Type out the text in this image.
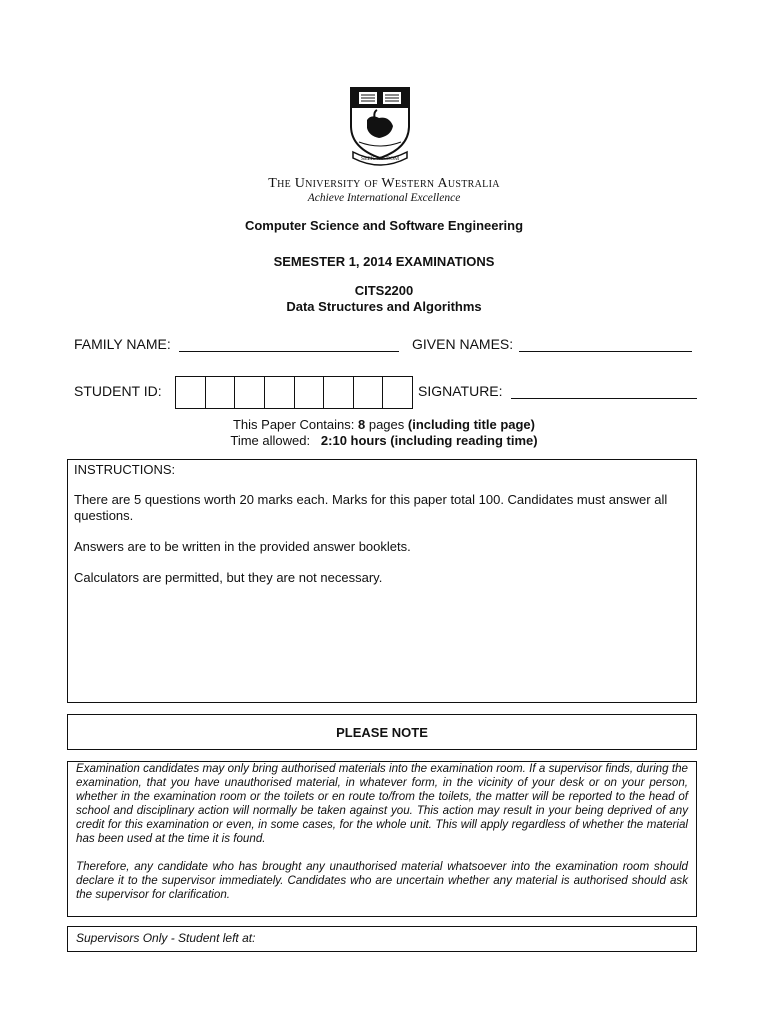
SEEK WISDOM
The University of Western Australia
Achieve International Excellence
Computer Science and Software Engineering
SEMESTER 1, 2014 EXAMINATIONS
CITS2200
Data Structures and Algorithms
FAMILY NAME:	GIVEN NAMES:
STUDENT ID:	SIGNATURE:
This Paper Contains: 8 pages (including title page)
Time allowed: 2:10 hours (including reading time)

INSTRUCTIONS:

There are 5 questions worth 20 marks each. Marks for this paper total 100. Candidates must answer all questions.

Answers are to be written in the provided answer booklets.

Calculators are permitted, but they are not necessary.

PLEASE NOTE

Examination candidates may only bring authorised materials into the examination room. If a supervisor finds, during the examination, that you have unauthorised material, in whatever form, in the vicinity of your desk or on your person, whether in the examination room or the toilets or en route to/from the toilets, the matter will be reported to the head of school and disciplinary action will normally be taken against you. This action may result in your being deprived of any credit for this examination or even, in some cases, for the whole unit. This will apply regardless of whether the material has been used at the time it is found.

Therefore, any candidate who has brought any unauthorised material whatsoever into the examination room should declare it to the supervisor immediately. Candidates who are uncertain whether any material is authorised should ask the supervisor for clarification.

Supervisors Only - Student left at:
